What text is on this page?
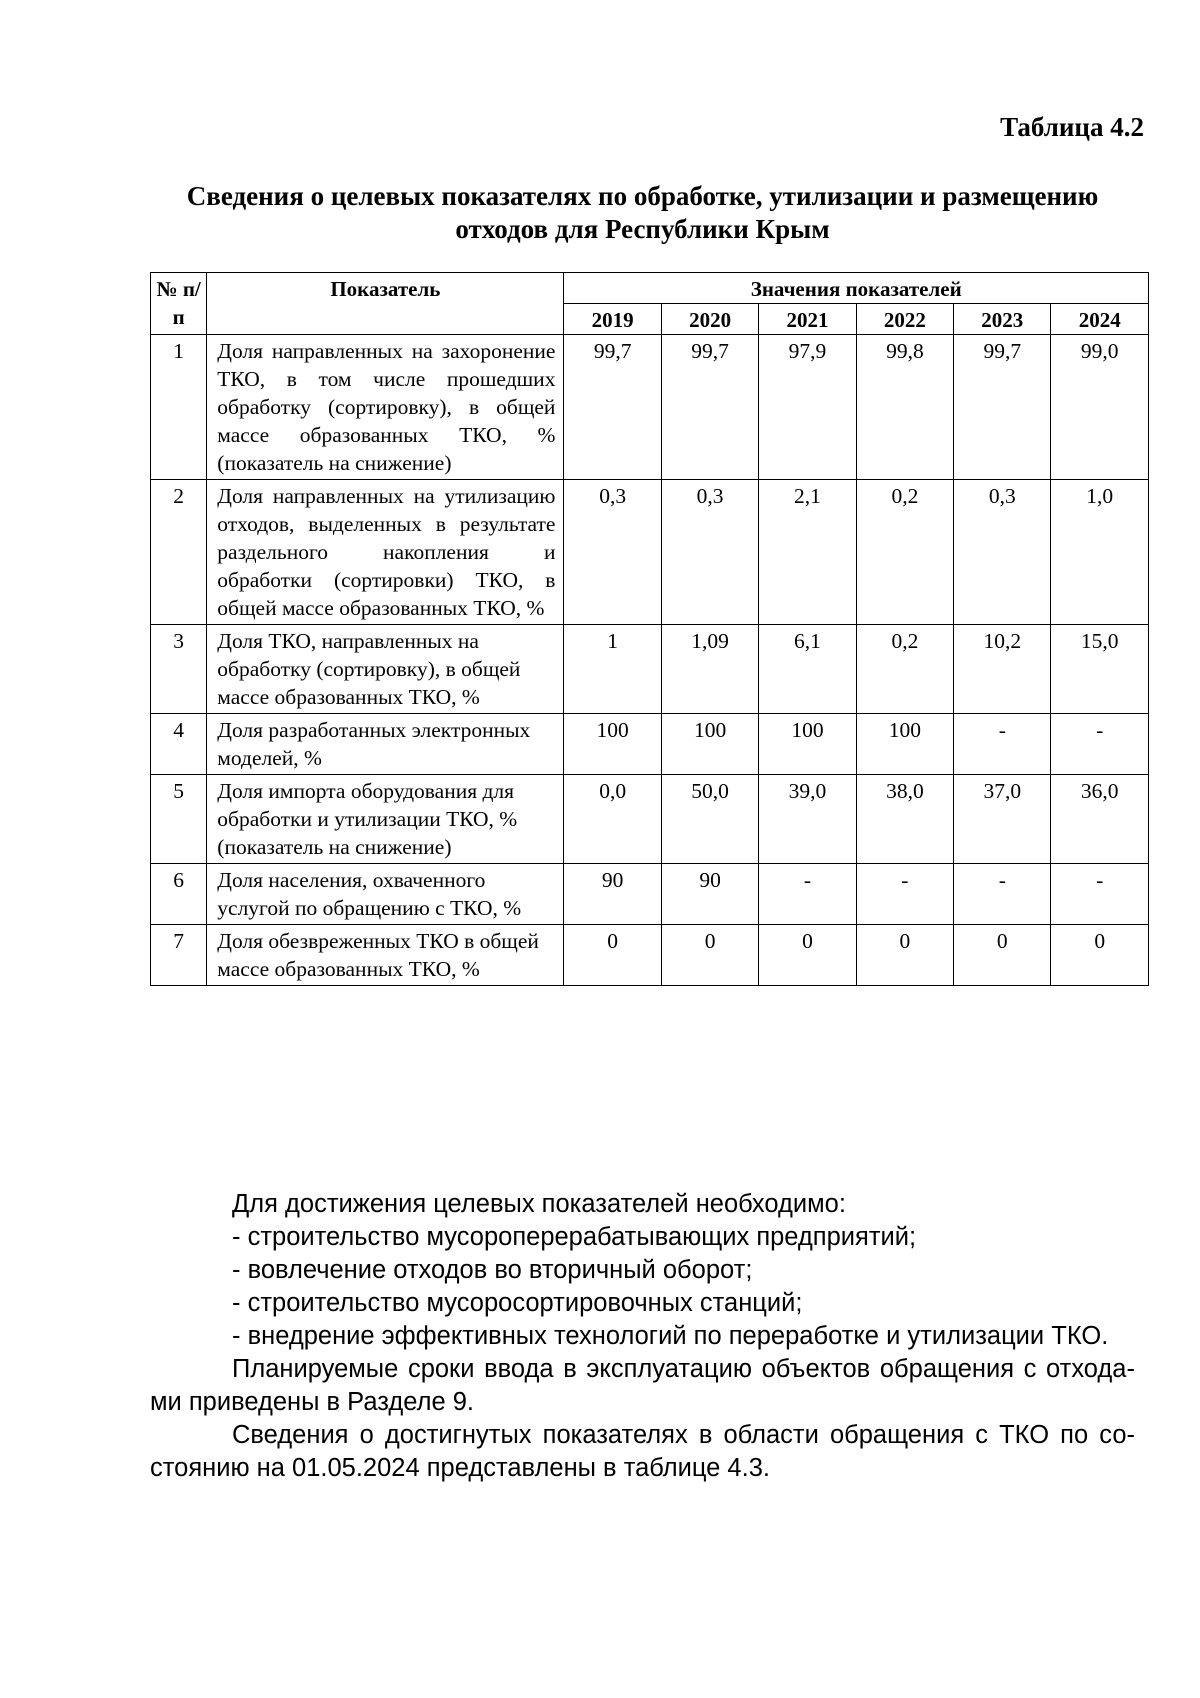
Таблица 4.2

Сведения о целевых показателях по обработке, утилизации и размещению отходов для Республики Крым
№ п/ п	Показатель	Значения показателей					
		2019	2020	2021	2022	2023	2024
1	Доля направленных на захоронение ТКО, в том числе прошедших обработку (сортировку), в общей массе образованных ТКО, % (показатель на снижение)	99,7	99,7	97,9	99,8	99,7	99,0
2	Доля направленных на утилизацию отходов, выделенных в результате раздельного накопления и обработки (сортировки) ТКО, в общей массе образованных ТКО, %	0,3	0,3	2,1	0,2	0,3	1,0
3	Доля ТКО, направленных на обработку (сортировку), в общей массе образованных ТКО, %	1	1,09	6,1	0,2	10,2	15,0
4	Доля разработанных электронных моделей, %	100	100	100	100	-	-
5	Доля импорта оборудования для обработки и утилизации ТКО, % (показатель на снижение)	0,0	50,0	39,0	38,0	37,0	36,0
6	Доля населения, охваченного услугой по обращению с ТКО, %	90	90	-	-	-	-
7	Доля обезвреженных ТКО в общей массе образованных ТКО, %	0	0	0	0	0	0

Для достижения целевых показателей необходимо:

- строительство мусороперерабатывающих предприятий;

- вовлечение отходов во вторичный оборот;

- строительство мусоросортировочных станций;

- внедрение эффективных технологий по переработке и утилизации ТКО.

Планируемые сроки ввода в эксплуатацию объектов обращения с отходами приведены в Разделе 9.

Сведения о достигнутых показателях в области обращения с ТКО по состоянию на 01.05.2024 представлены в таблице 4.3.
